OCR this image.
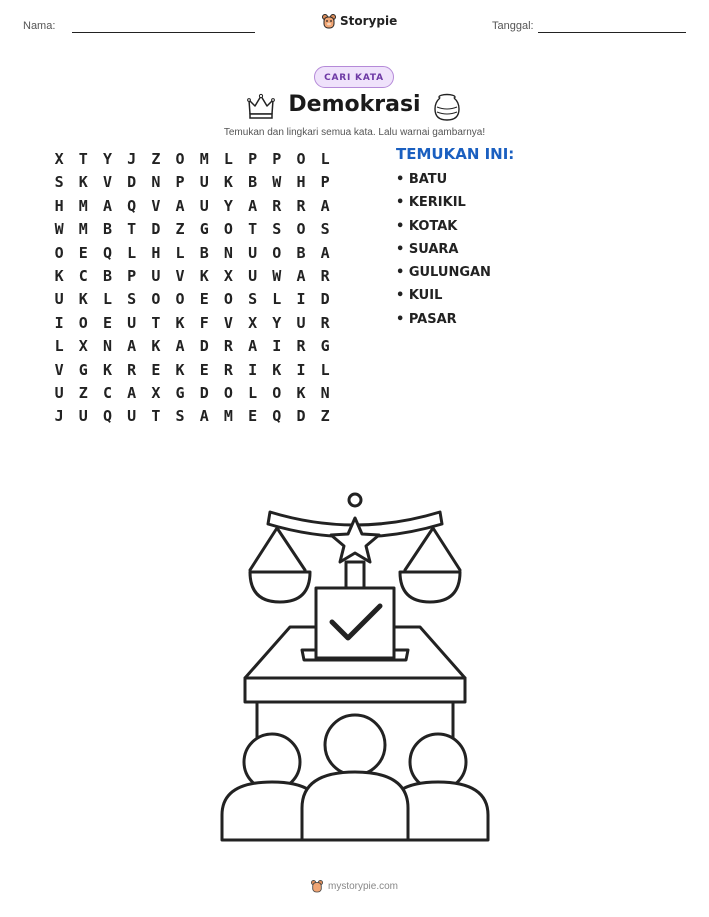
Nama:	Storypie	Tanggal:
CARI KATA
Demokrasi
Temukan dan lingkari semua kata. Lalu warnai gambarnya!
X	T	Y	J	Z	O	M	L	P	P	O	L
S	K	V	D	N	P	U	K	B	W	H	P
H	M	A	Q	V	A	U	Y	A	R	R	A
W	M	B	T	D	Z	G	O	T	S	O	S
O	E	Q	L	H	L	B	N	U	O	B	A
K	C	B	P	U	V	K	X	U	W	A	R
U	K	L	S	O	O	E	O	S	L	I	D
I	O	E	U	T	K	F	V	X	Y	U	R
L	X	N	A	K	A	D	R	A	I	R	G
V	G	K	R	E	K	E	R	I	K	I	L
U	Z	C	A	X	G	D	O	L	O	K	N
J	U	Q	U	T	S	A	M	E	Q	D	Z
TEMUKAN INI:
• BATU
• KERIKIL
• KOTAK
• SUARA
• GULUNGAN
• KUIL
• PASAR
mystorypie.com
